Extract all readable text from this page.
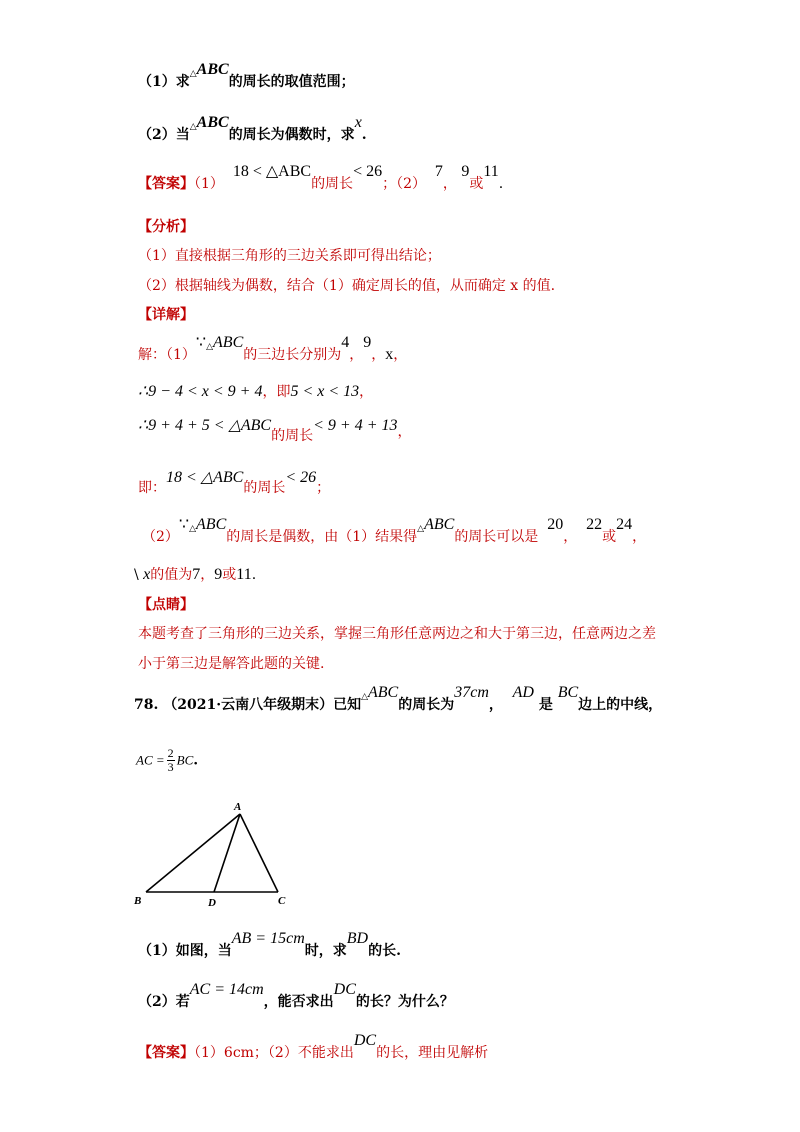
（1）求△ABC的周长的取值范围；
（2）当△ABC的周长为偶数时，求x.
【答案】（1）  18 < △ABC的周长< 26；（2）  7， 9或11.
【分析】
（1）直接根据三角形的三边关系即可得出结论；
（2）根据轴线为偶数，结合（1）确定周长的值，从而确定 x 的值.
【详解】
解：（1）∵△ABC的三边长分别为4，9，x，
∴9 − 4 < x < 9 + 4，即5 < x < 13，
∴9 + 4 + 5 < △ABC的周长< 9 + 4 + 13，
即：18 < △ABC的周长< 26；
（2）∵△ABC的周长是偶数，由（1）结果得△ABC的周长可以是  20，  22或24，
\ x的值为7，9或11.
【点睛】
本题考查了三角形的三边关系，掌握三角形任意两边之和大于第三边，任意两边之差
小于第三边是解答此题的关键.
78. （2021·云南八年级期末）已知△ABC的周长为37cm，  AD 是 BC边上的中线，
AC = $\frac{2}{3}$ BC.
A
B	C
D
（1）如图，当AB = 15cm时，求BD的长.
（2）若AC = 14cm，能否求出DC的长？为什么？
【答案】（1）6cm；（2）不能求出DC的长，理由见解析
